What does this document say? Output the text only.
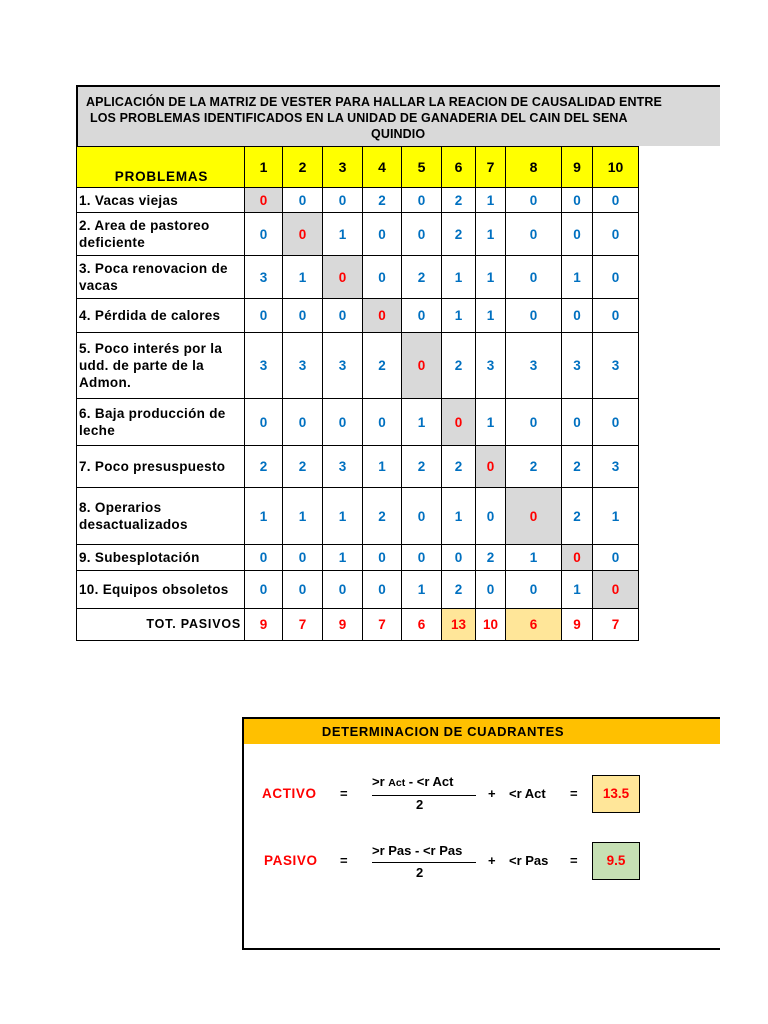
APLICACIÓN DE LA MATRIZ DE VESTER PARA HALLAR LA REACION DE CAUSALIDAD ENTRE
LOS PROBLEMAS IDENTIFICADOS EN LA UNIDAD DE GANADERIA DEL CAIN DEL SENA
QUINDIO
PROBLEMAS	1	2	3	4	5	6	7	8	9	10

1. Vacas viejas	0	0	0	2	0	2	1	0	0	0

2. Area de pastoreo
deficiente	0	0	1	0	0	2	1	0	0	0

3. Poca renovacion de
vacas	3	1	0	0	2	1	1	0	1	0

4. Pérdida de calores	0	0	0	0	0	1	1	0	0	0

5. Poco interés por la
udd. de parte de la
Admon.	3	3	3	2	0	2	3	3	3	3

6. Baja producción de
leche	0	0	0	0	1	0	1	0	0	0

7. Poco presuspuesto	2	2	3	1	2	2	0	2	2	3

8. Operarios
desactualizados	1	1	1	2	0	1	0	0	2	1

9. Subesplotación	0	0	1	0	0	0	2	1	0	0

10. Equipos obsoletos	0	0	0	0	1	2	0	0	1	0
TOT. PASIVOS	9	7	9	7	6	13	10	6	9	7
DETERMINACION DE CUADRANTES
ACTIVO =
>r Act - <r Act
2
+ <r Act =	13.5
PASIVO =
>r Pas - <r Pas
2
+ <r Pas =	9.5
